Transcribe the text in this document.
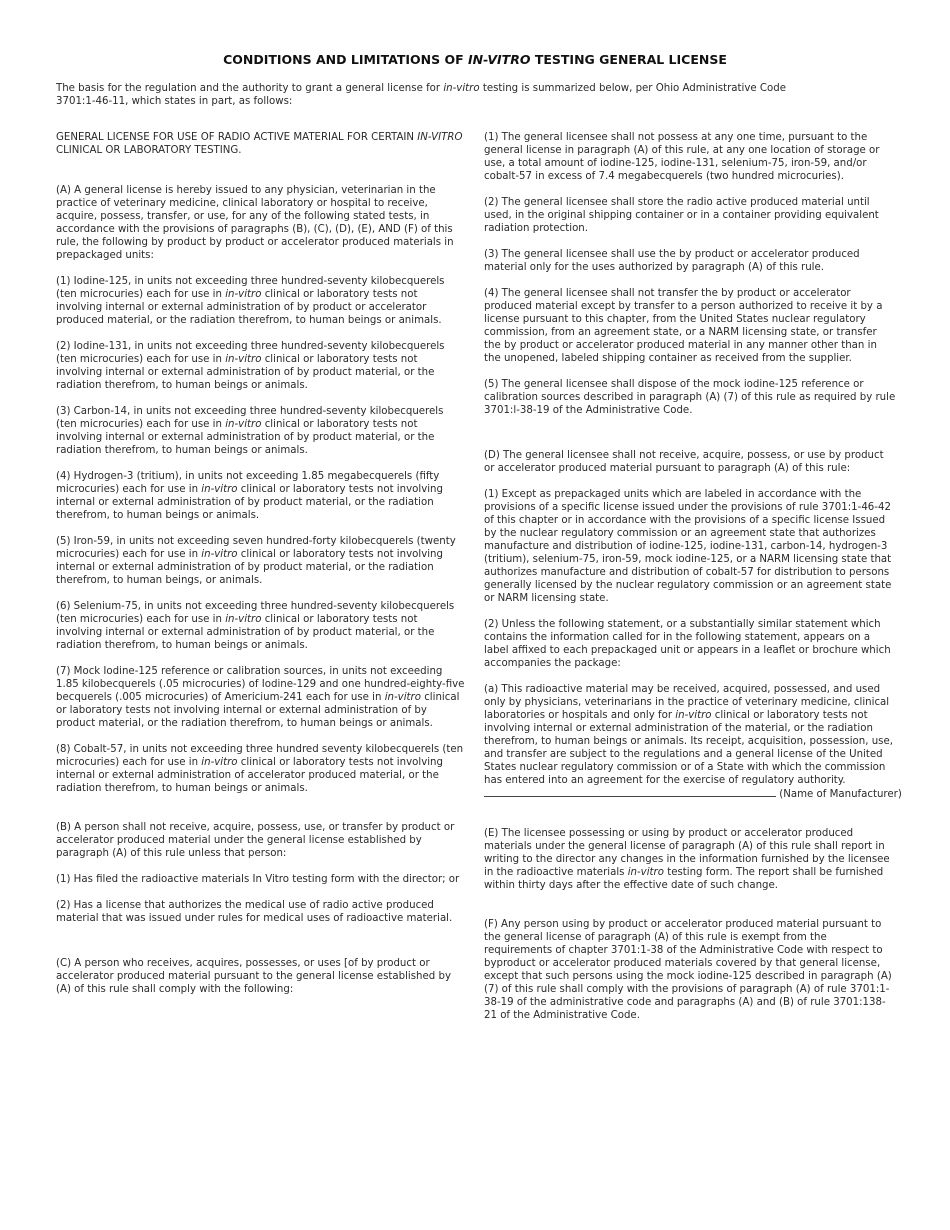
CONDITIONS AND LIMITATIONS OF IN-VITRO TESTING GENERAL LICENSE
The basis for the regulation and the authority to grant a general license for in-vitro testing is summarized below, per Ohio Administrative Code 3701:1-46-11, which states in part, as follows:

GENERAL LICENSE FOR USE OF RADIO ACTIVE MATERIAL FOR CERTAIN IN-VITRO CLINICAL OR LABORATORY TESTING.

(A) A general license is hereby issued to any physician, veterinarian in the practice of veterinary medicine, clinical laboratory or hospital to receive, acquire, possess, transfer, or use, for any of the following stated tests, in accordance with the provisions of paragraphs (B), (C), (D), (E), AND (F) of this rule, the following by product by product or accelerator produced materials in prepackaged units:

(1) Iodine-125, in units not exceeding three hundred-seventy kilobecquerels (ten microcuries) each for use in in-vitro clinical or laboratory tests not involving internal or external administration of by product or accelerator produced material, or the radiation therefrom, to human beings or animals.

(2) Iodine-131, in units not exceeding three hundred-seventy kilobecquerels (ten microcuries) each for use in in-vitro clinical or laboratory tests not involving internal or external administration of by product material, or the radiation therefrom, to human beings or animals.

(3) Carbon-14, in units not exceeding three hundred-seventy kilobecquerels (ten microcuries) each for use in in-vitro clinical or laboratory tests not involving internal or external administration of by product material, or the radiation therefrom, to human beings or animals.

(4) Hydrogen-3 (tritium), in units not exceeding 1.85 megabecquerels (fifty microcuries) each for use in in-vitro clinical or laboratory tests not involving internal or external administration of by product material, or the radiation therefrom, to human beings or animals.

(5) Iron-59, in units not exceeding seven hundred-forty kilobecquerels (twenty microcuries) each for use in in-vitro clinical or laboratory tests not involving internal or external administration of by product material, or the radiation therefrom, to human beings, or animals.

(6) Selenium-75, in units not exceeding three hundred-seventy kilobecquerels (ten microcuries) each for use in in-vitro clinical or laboratory tests not involving internal or external administration of by product material, or the radiation therefrom, to human beings or animals.

(7) Mock Iodine-125 reference or calibration sources, in units not exceeding 1.85 kilobecquerels (.05 microcuries) of Iodine-129 and one hundred-eighty-five becquerels (.005 microcuries) of Americium-241 each for use in in-vitro clinical or laboratory tests not involving internal or external administration of by product material, or the radiation therefrom, to human beings or animals.

(8) Cobalt-57, in units not exceeding three hundred seventy kilobecquerels (ten microcuries) each for use in in-vitro clinical or laboratory tests not involving internal or external administration of accelerator produced material, or the radiation therefrom, to human beings or animals.

(B) A person shall not receive, acquire, possess, use, or transfer by product or accelerator produced material under the general license established by paragraph (A) of this rule unless that person:

(1) Has filed the radioactive materials In Vitro testing form with the director; or

(2) Has a license that authorizes the medical use of radio active produced material that was issued under rules for medical uses of radioactive material.

(C) A person who receives, acquires, possesses, or uses [of by product or accelerator produced material pursuant to the general license established by (A) of this rule shall comply with the following:

(1) The general licensee shall not possess at any one time, pursuant to the general license in paragraph (A) of this rule, at any one location of storage or use, a total amount of iodine-125, iodine-131, selenium-75, iron-59, and/or cobalt-57 in excess of 7.4 megabecquerels (two hundred microcuries).

(2) The general licensee shall store the radio active produced material until used, in the original shipping container or in a container providing equivalent radiation protection.

(3) The general licensee shall use the by product or accelerator produced material only for the uses authorized by paragraph (A) of this rule.

(4) The general licensee shall not transfer the by product or accelerator produced material except by transfer to a person authorized to receive it by a license pursuant to this chapter, from the United States nuclear regulatory commission, from an agreement state, or a NARM licensing state, or transfer the by product or accelerator produced material in any manner other than in the unopened, labeled shipping container as received from the supplier.

(5) The general licensee shall dispose of the mock iodine-125 reference or calibration sources described in paragraph (A) (7) of this rule as required by rule 3701:l-38-19 of the Administrative Code.

(D) The general licensee shall not receive, acquire, possess, or use by product or accelerator produced material pursuant to paragraph (A) of this rule:

(1) Except as prepackaged units which are labeled in accordance with the provisions of a specific license issued under the provisions of rule 3701:1-46-42 of this chapter or in accordance with the provisions of a specific license Issued by the nuclear regulatory commission or an agreement state that authorizes manufacture and distribution of iodine-125, iodine-131, carbon-14, hydrogen-3 (tritium), selenium-75, iron-59, mock iodine-125, or a NARM licensing state that authorizes manufacture and distribution of cobalt-57 for distribution to persons generally licensed by the nuclear regulatory commission or an agreement state or NARM licensing state.

(2) Unless the following statement, or a substantially similar statement which contains the information called for in the following statement, appears on a label affixed to each prepackaged unit or appears in a leaflet or brochure which accompanies the package:

(a) This radioactive material may be received, acquired, possessed, and used only by physicians, veterinarians in the practice of veterinary medicine, clinical laboratories or hospitals and only for in-vitro clinical or laboratory tests not involving internal or external administration of the material, or the radiation therefrom, to human beings or animals. Its receipt, acquisition, possession, use, and transfer are subject to the regulations and a general license of the United States nuclear regulatory commission or of a State with which the commission has entered into an agreement for the exercise of regulatory authority.

(Name of Manufacturer)

(E) The licensee possessing or using by product or accelerator produced materials under the general license of paragraph (A) of this rule shall report in writing to the director any changes in the information furnished by the licensee in the radioactive materials in-vitro testing form. The report shall be furnished within thirty days after the effective date of such change.

(F) Any person using by product or accelerator produced material pursuant to the general license of paragraph (A) of this rule is exempt from the requirements of chapter 3701:1-38 of the Administrative Code with respect to byproduct or accelerator produced materials covered by that general license, except that such persons using the mock iodine-125 described in paragraph (A)(7) of this rule shall comply with the provisions of paragraph (A) of rule 3701:1-38-19 of the administrative code and paragraphs (A) and (B) of rule 3701:138-21 of the Administrative Code.
